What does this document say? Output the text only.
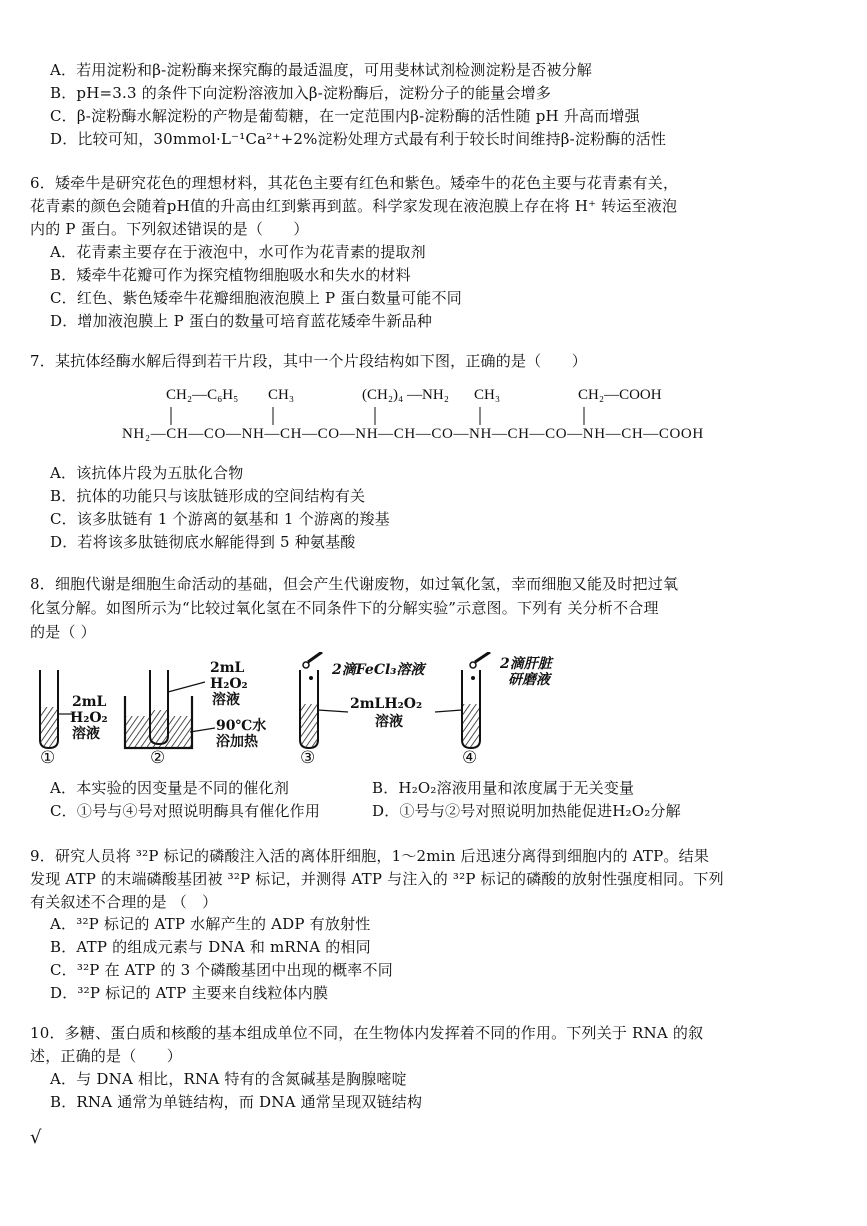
A．若用淀粉和β-淀粉酶来探究酶的最适温度，可用斐林试剂检测淀粉是否被分解
B．pH=3.3 的条件下向淀粉溶液加入β-淀粉酶后，淀粉分子的能量会增多
C．β-淀粉酶水解淀粉的产物是葡萄糖，在一定范围内β-淀粉酶的活性随 pH 升高而增强
D．比较可知，30mmol·L⁻¹Ca²⁺+2%淀粉处理方式最有利于较长时间维持β-淀粉酶的活性
6．矮牵牛是研究花色的理想材料，其花色主要有红色和紫色。矮牵牛的花色主要与花青素有关，
花青素的颜色会随着pH值的升高由红到紫再到蓝。科学家发现在液泡膜上存在将 H⁺ 转运至液泡
内的 P 蛋白。下列叙述错误的是（　　）
A．花青素主要存在于液泡中，水可作为花青素的提取剂
B．矮牵牛花瓣可作为探究植物细胞吸水和失水的材料
C．红色、紫色矮牵牛花瓣细胞液泡膜上 P 蛋白数量可能不同
D．增加液泡膜上 P 蛋白的数量可培育蓝花矮牵牛新品种
7．某抗体经酶水解后得到若干片段，其中一个片段结构如下图，正确的是（　　）
CH₂—C₆H₅ CH₃	(CH₂)₄ —NH₂ CH₃	CH₂—COOH
NH₂—CH—CO—NH—CH—CO—NH—CH—CO—NH—CH—CO—NH—CH—COOH
A．该抗体片段为五肽化合物
B．抗体的功能只与该肽链形成的空间结构有关
C．该多肽链有 1 个游离的氨基和 1 个游离的羧基
D．若将该多肽链彻底水解能得到 5 种氨基酸
8．细胞代谢是细胞生命活动的基础，但会产生代谢废物，如过氧化氢，幸而细胞又能及时把过氧
化氢分解。如图所示为“比较过氧化氢在不同条件下的分解实验”示意图。下列有 关分析不合理
的是（ ）
2mL
H₂O₂
溶液
2mL
H₂O₂
溶液
90℃水
浴加热
2滴FeCl₃溶液
2mLH₂O₂
溶液
2滴肝脏
研磨液
①	②	③	④
A．本实验的因变量是不同的催化剂	B．H₂O₂溶液用量和浓度属于无关变量
C．①号与④号对照说明酶具有催化作用	D．①号与②号对照说明加热能促进H₂O₂分解
9．研究人员将 ³²P 标记的磷酸注入活的离体肝细胞，1～2min 后迅速分离得到细胞内的 ATP。结果
发现 ATP 的末端磷酸基团被 ³²P 标记，并测得 ATP 与注入的 ³²P 标记的磷酸的放射性强度相同。下列
有关叙述不合理的是 （　）
A．³²P 标记的 ATP 水解产生的 ADP 有放射性
B．ATP 的组成元素与 DNA 和 mRNA 的相同
C．³²P 在 ATP 的 3 个磷酸基团中出现的概率不同
D．³²P 标记的 ATP 主要来自线粒体内膜
10．多糖、蛋白质和核酸的基本组成单位不同，在生物体内发挥着不同的作用。下列关于 RNA 的叙
述，正确的是（　　）
A．与 DNA 相比，RNA 特有的含氮碱基是胸腺嘧啶
B．RNA 通常为单链结构，而 DNA 通常呈现双链结构
√
